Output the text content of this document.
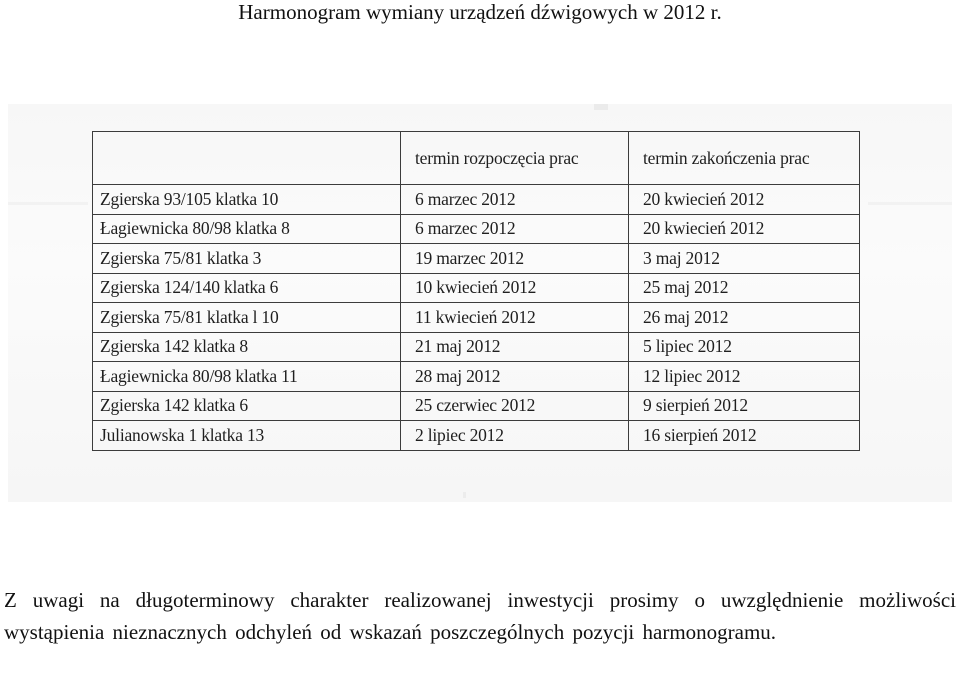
Harmonogram wymiany urządzeń dźwigowych w 2012 r.
	termin rozpoczęcia prac	termin zakończenia prac
Zgierska 93/105 klatka 10	6 marzec 2012	20 kwiecień 2012
Łagiewnicka 80/98 klatka 8	6 marzec 2012	20 kwiecień 2012
Zgierska 75/81 klatka 3	19 marzec 2012	3 maj 2012
Zgierska 124/140 klatka 6	10 kwiecień 2012	25 maj 2012
Zgierska 75/81 klatka l 10	11 kwiecień 2012	26 maj 2012
Zgierska 142 klatka 8	21 maj 2012	5 lipiec 2012
Łagiewnicka 80/98 klatka 11	28 maj 2012	12 lipiec 2012
Zgierska 142 klatka 6	25 czerwiec 2012	9 sierpień 2012
Julianowska 1 klatka 13	2 lipiec 2012	16 sierpień 2012
Z uwagi na długoterminowy charakter realizowanej inwestycji prosimy o uwzględnienie możliwości wystąpienia nieznacznych odchyleń od wskazań poszczególnych pozycji harmonogramu.
